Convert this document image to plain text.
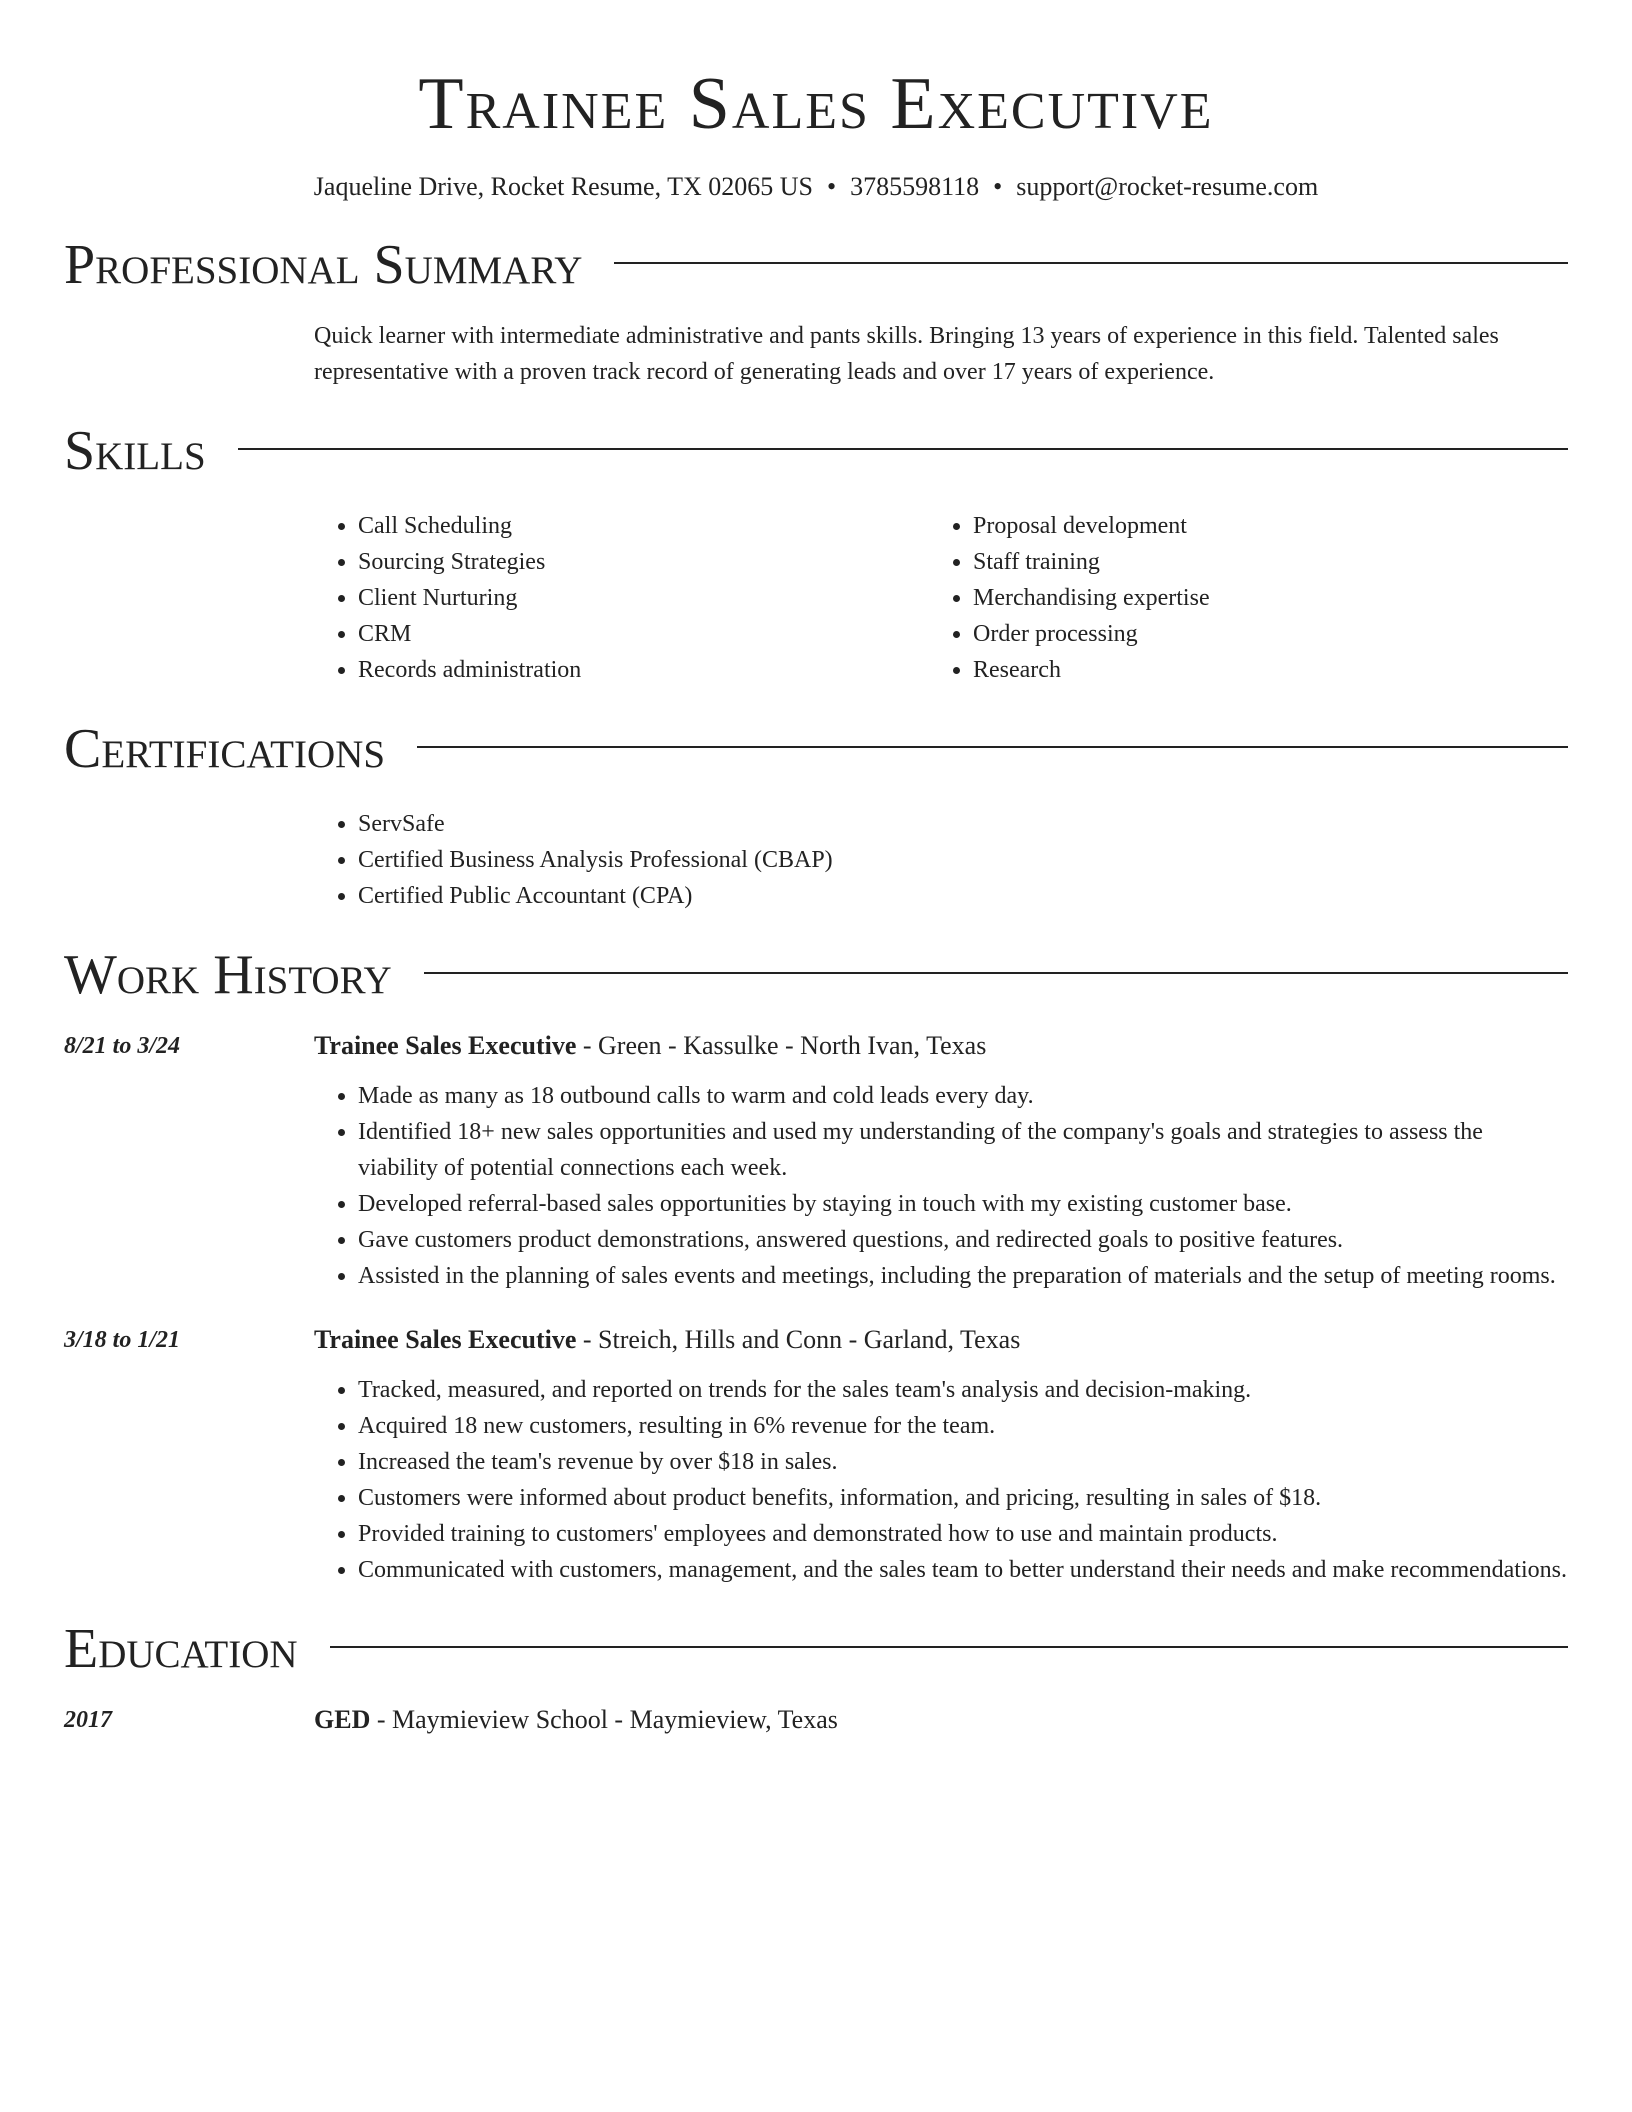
Trainee Sales Executive
Jaqueline Drive, Rocket Resume, TX 02065 US • 3785598118 • support@rocket-resume.com
Professional Summary
Quick learner with intermediate administrative and pants skills. Bringing 13 years of experience in this field. Talented sales representative with a proven track record of generating leads and over 17 years of experience.
Skills
• Call Scheduling
• Sourcing Strategies
• Client Nurturing
• CRM
• Records administration
• Proposal development
• Staff training
• Merchandising expertise
• Order processing
• Research
Certifications
• ServSafe
• Certified Business Analysis Professional (CBAP)
• Certified Public Accountant (CPA)
Work History
8/21 to 3/24	Trainee Sales Executive - Green - Kassulke - North Ivan, Texas
• Made as many as 18 outbound calls to warm and cold leads every day.
• Identified 18+ new sales opportunities and used my understanding of the company's goals and strategies to assess the viability of potential connections each week.
• Developed referral-based sales opportunities by staying in touch with my existing customer base.
• Gave customers product demonstrations, answered questions, and redirected goals to positive features.
• Assisted in the planning of sales events and meetings, including the preparation of materials and the setup of meeting rooms.
3/18 to 1/21	Trainee Sales Executive - Streich, Hills and Conn - Garland, Texas
• Tracked, measured, and reported on trends for the sales team's analysis and decision-making.
• Acquired 18 new customers, resulting in 6% revenue for the team.
• Increased the team's revenue by over $18 in sales.
• Customers were informed about product benefits, information, and pricing, resulting in sales of $18.
• Provided training to customers' employees and demonstrated how to use and maintain products.
• Communicated with customers, management, and the sales team to better understand their needs and make recommendations.
Education
2017	GED - Maymieview School - Maymieview, Texas
